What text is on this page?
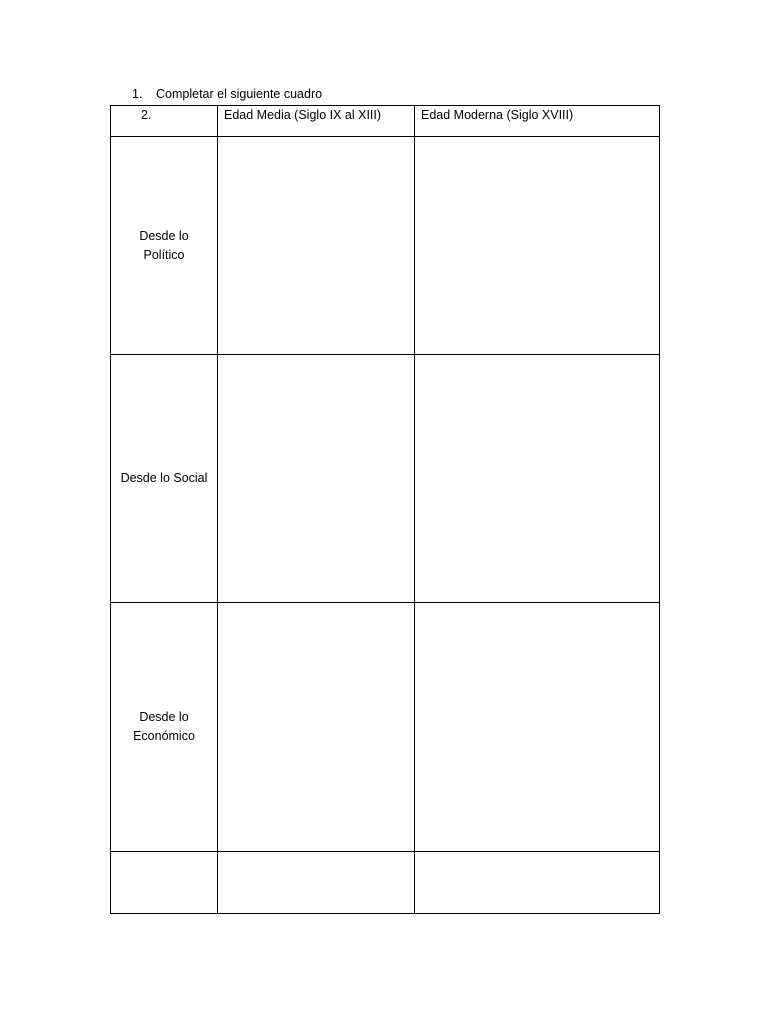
1. Completar el siguiente cuadro
2.	Edad Media (Siglo IX al XIII)	Edad Moderna (Siglo XVIII)

Desde lo
Político		

Desde lo Social		

Desde lo
Económico		
